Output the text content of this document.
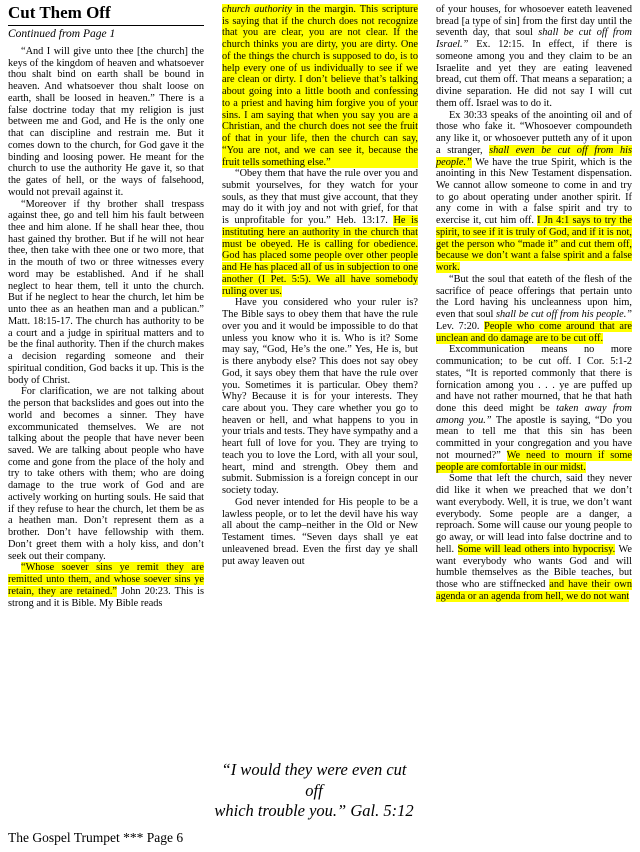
Cut Them Off
Continued from Page 1

“And I will give unto thee [the church] the keys of the kingdom of heaven and whatsoever thou shalt bind on earth shall be bound in heaven. And whatsoever thou shalt loose on earth, shall be loosed in heaven.” There is a false doctrine today that my religion is just between me and God, and He is the only one that can discipline and restrain me. But it comes down to the church, for God gave it the binding and loosing power. He meant for the church to use the authority He gave it, so that the gates of hell, or the ways of falsehood, would not prevail against it.

“Moreover if thy brother shall trespass against thee, go and tell him his fault between thee and him alone. If he shall hear thee, thou hast gained thy brother. But if he will not hear thee, then take with thee one or two more, that in the mouth of two or three witnesses every word may be established. And if he shall neglect to hear them, tell it unto the church. But if he neglect to hear the church, let him be unto thee as an heathen man and a publican.” Matt. 18:15-17. The church has authority to be a court and a judge in spiritual matters and to be the final authority. Then if the church makes a decision regarding someone and their spiritual condition, God backs it up. This is the body of Christ.

For clarification, we are not talking about the person that backslides and goes out into the world and becomes a sinner. They have excommunicated themselves. We are not talking about the people that have never been saved. We are talking about people who have come and gone from the place of the holy and try to take others with them; who are doing damage to the true work of God and are actively working on hurting souls. He said that if they refuse to hear the church, let them be as a heathen man. Don’t represent them as a brother. Don’t have fellowship with them. Don’t greet them with a holy kiss, and don’t seek out their company.

“Whose soever sins ye remit they are remitted unto them, and whose soever sins ye retain, they are retained.” John 20:23. This is strong and it is Bible. My Bible reads

church authority in the margin. This scripture is saying that if the church does not recognize that you are clear, you are not clear. If the church thinks you are dirty, you are dirty. One of the things the church is supposed to do, is to help every one of us individually to see if we are clean or dirty. I don’t believe that’s talking about going into a little booth and confessing to a priest and having him forgive you of your sins. I am saying that when you say you are a Christian, and the church does not see the fruit of that in your life, then the church can say, “You are not, and we can see it, because the fruit tells something else.”

“Obey them that have the rule over you and submit yourselves, for they watch for your souls, as they that must give account, that they may do it with joy and not with grief, for that is unprofitable for you.” Heb. 13:17. He is instituting here an authority in the church that must be obeyed. He is calling for obedience. God has placed some people over other people and He has placed all of us in subjection to one another (I Pet. 5:5). We all have somebody ruling over us.

Have you considered who your ruler is? The Bible says to obey them that have the rule over you and it would be impossible to do that unless you know who it is. Who is it? Some may say, “God, He’s the one.” Yes, He is, but is there anybody else? This does not say obey God, it says obey them that have the rule over you. Sometimes it is particular. Obey them? Why? Because it is for your interests. They care about you. They care whether you go to heaven or hell, and what happens to you in your trials and tests. They have sympathy and a heart full of love for you. They are trying to teach you to love the Lord, with all your soul, heart, mind and strength. Obey them and submit. Submission is a foreign concept in our society today.

God never intended for His people to be a lawless people, or to let the devil have his way all about the camp–neither in the Old or New Testament times. “Seven days shall ye eat unleavened bread. Even the first day ye shall put away leaven out

of your houses, for whosoever eateth leavened bread [a type of sin] from the first day until the seventh day, that soul shall be cut off from Israel.” Ex. 12:15. In effect, if there is someone among you and they claim to be an Israelite and yet they are eating leavened bread, cut them off. That means a separation; a divine separation. He did not say I will cut them off. Israel was to do it.

Ex 30:33 speaks of the anointing oil and of those who fake it. “Whosoever compoundeth any like it, or whosoever putteth any of it upon a stranger, shall even be cut off from his people.” We have the true Spirit, which is the anointing in this New Testament dispensation. We cannot allow someone to come in and try to go about operating under another spirit. If any come in with a false spirit and try to exercise it, cut him off. I Jn 4:1 says to try the spirit, to see if it is truly of God, and if it is not, get the person who “made it” and cut them off, because we don’t want a false spirit and a false work.

“But the soul that eateth of the flesh of the sacrifice of peace offerings that pertain unto the Lord having his uncleanness upon him, even that soul shall be cut off from his people.” Lev. 7:20. People who come around that are unclean and do damage are to be cut off.

Excommunication means no more communication; to be cut off. I Cor. 5:1-2 states, “It is reported commonly that there is fornication among you . . . ye are puffed up and have not rather mourned, that he that hath done this deed might be taken away from among you.” The apostle is saying, “Do you mean to tell me that this sin has been committed in your congregation and you have not mourned?” We need to mourn if some people are comfortable in our midst.

Some that left the church, said they never did like it when we preached that we don’t want everybody. Well, it is true, we don’t want everybody. Some people are a danger, a reproach. Some will cause our young people to go away, or will lead into false doctrine and to hell. Some will lead others into hypocrisy. We want everybody who wants God and will humble themselves as the Bible teaches, but those who are stiffnecked and have their own agenda or an agenda from hell, we do not want

“I would they were even cut off
which trouble you.” Gal. 5:12
The Gospel Trumpet *** Page 6
